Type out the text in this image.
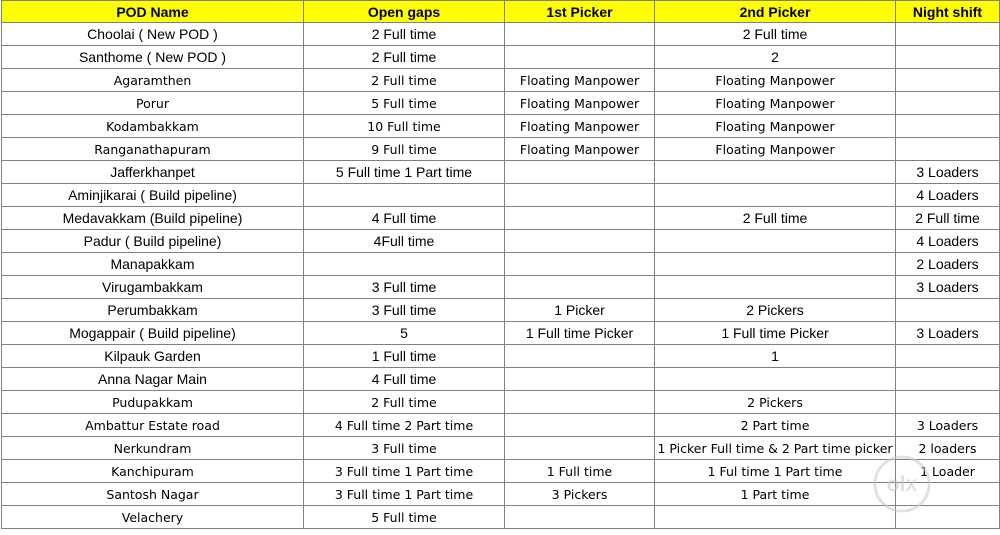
POD Name	Open gaps	1st Picker	2nd Picker	Night shift
Choolai ( New POD )	2 Full time		2 Full time	
Santhome ( New POD )	2 Full time		2	
Agaramthen	2 Full time	Floating Manpower	Floating Manpower	
Porur	5 Full time	Floating Manpower	Floating Manpower	
Kodambakkam	10 Full time	Floating Manpower	Floating Manpower	
Ranganathapuram	9 Full time	Floating Manpower	Floating Manpower	
Jafferkhanpet	5 Full time 1 Part time			3 Loaders
Aminjikarai ( Build pipeline)				4 Loaders
Medavakkam (Build pipeline)	4 Full time		2 Full time	2 Full time
Padur ( Build pipeline)	4Full time			4 Loaders
Manapakkam				2 Loaders
Virugambakkam	3 Full time			3 Loaders
Perumbakkam	3 Full time	1 Picker	2 Pickers	
Mogappair ( Build pipeline)	5	1 Full time Picker	1 Full time Picker	3 Loaders
Kilpauk Garden	1 Full time		1	
Anna Nagar Main	4 Full time			
Pudupakkam	2 Full time		2 Pickers	
Ambattur Estate road	4 Full time 2 Part time		2 Part time	3 Loaders
Nerkundram	3 Full time		1 Picker Full time & 2 Part time picker	2 loaders
Kanchipuram	3 Full time 1 Part time	1 Full time	1 Ful time 1 Part time	1 Loader
Santosh Nagar	3 Full time 1 Part time	3 Pickers	1 Part time	
Velachery	5 Full time			
olx
